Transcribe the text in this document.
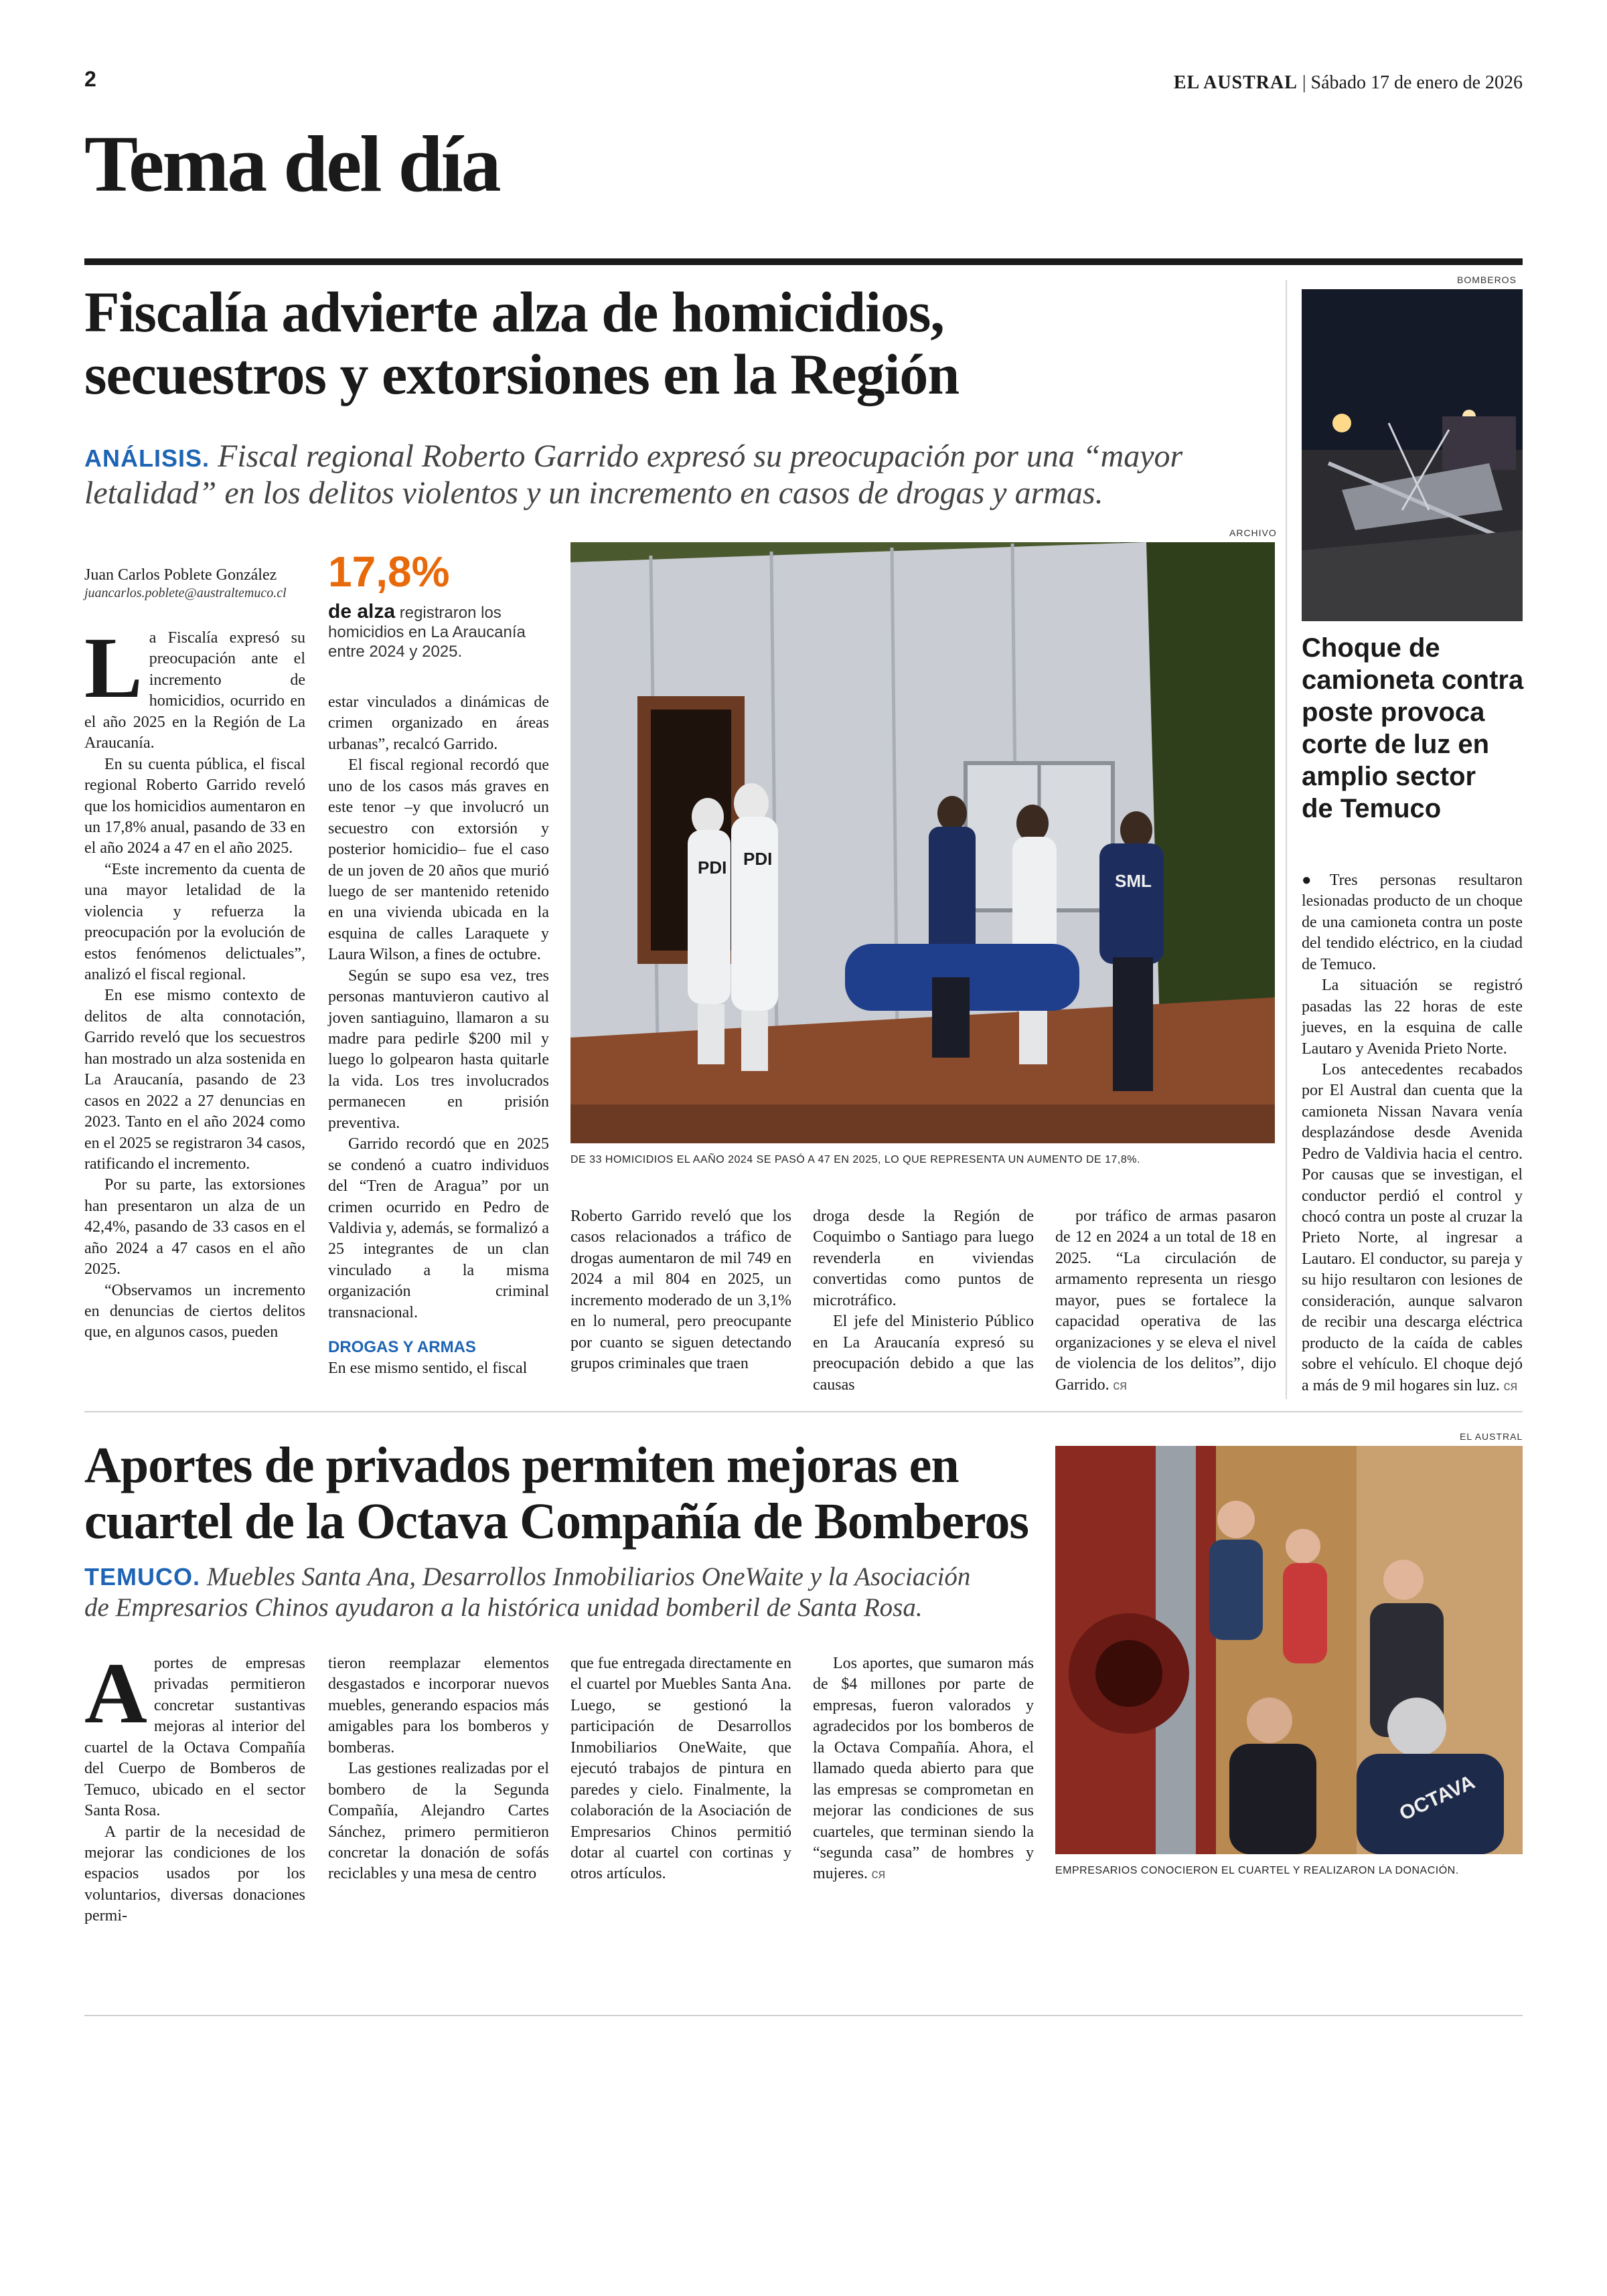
2	EL AUSTRAL | Sábado 17 de enero de 2026
Tema del día
Fiscalía advierte alza de homicidios,
secuestros y extorsiones en la Región
ANÁLISIS. Fiscal regional Roberto Garrido expresó su preocupación por una “mayor
letalidad” en los delitos violentos y un incremento en casos de drogas y armas.
Juan Carlos Poblete González
juancarlos.poblete@australtemuco.cl 17,8%
de alza registraron los homicidios en La Araucanía entre 2024 y 2025.
ARCHIVO
PDI PDI
SML
DE 33 HOMICIDIOS EL AAÑO 2024 SE PASÓ A 47 EN 2025, LO QUE REPRESENTA UN AUMENTO DE 17,8%.

La Fiscalía expresó su preocupación ante el incremento de homicidios, ocurrido en el año 2025 en la Región de La Araucanía.

En su cuenta pública, el fiscal regional Roberto Garrido reveló que los homicidios aumentaron en un 17,8% anual, pasando de 33 en el año 2024 a 47 en el año 2025.

“Este incremento da cuenta de una mayor letalidad de la violencia y refuerza la preocupación por la evolución de estos fenómenos delictuales”, analizó el fiscal regional.

En ese mismo contexto de delitos de alta connotación, Garrido reveló que los secuestros han mostrado un alza sostenida en La Araucanía, pasando de 23 casos en 2022 a 27 denuncias en 2023. Tanto en el año 2024 como en el 2025 se registraron 34 casos, ratificando el incremento.

Por su parte, las extorsiones han presentaron un alza de un 42,4%, pasando de 33 casos en el año 2024 a 47 casos en el año 2025.

“Observamos un incremento en denuncias de ciertos delitos que, en algunos casos, pueden

estar vinculados a dinámicas de crimen organizado en áreas urbanas”, recalcó Garrido.

El fiscal regional recordó que uno de los casos más graves en este tenor –y que involucró un secuestro con extorsión y posterior homicidio– fue el caso de un joven de 20 años que murió luego de ser mantenido retenido en una vivienda ubicada en la esquina de calles Laraquete y Laura Wilson, a fines de octubre.

Según se supo esa vez, tres personas mantuvieron cautivo al joven santiaguino, llamaron a su madre para pedirle $200 mil y luego lo golpearon hasta quitarle la vida. Los tres involucrados permanecen en prisión preventiva.

Garrido recordó que en 2025 se condenó a cuatro individuos del “Tren de Aragua” por un crimen ocurrido en Pedro de Valdivia y, además, se formalizó a 25 integrantes de un clan vinculado a la misma organización criminal transnacional.

DROGAS Y ARMAS

En ese mismo sentido, el fiscal

Roberto Garrido reveló que los casos relacionados a tráfico de drogas aumentaron de mil 749 en 2024 a mil 804 en 2025, un incremento moderado de un 3,1% en lo numeral, pero preocupante por cuanto se siguen detectando grupos criminales que traen

droga desde la Región de Coquimbo o Santiago para luego revenderla en viviendas convertidas como puntos de microtráfico.

El jefe del Ministerio Público en La Araucanía expresó su preocupación debido a que las causas

por tráfico de armas pasaron de 12 en 2024 a un total de 18 en 2025. “La circulación de armamento representa un riesgo mayor, pues se fortalece la capacidad operativa de las organizaciones y se eleva el nivel de violencia de los delitos”, dijo Garrido. ᴄᴙ

BOMBEROS
Choque de
camioneta contra
poste provoca
corte de luz en
amplio sector
de Temuco

●Tres personas resultaron lesionadas producto de un choque de una camioneta contra un poste del tendido eléctrico, en la ciudad de Temuco.

La situación se registró pasadas las 22 horas de este jueves, en la esquina de calle Lautaro y Avenida Prieto Norte.

Los antecedentes recabados por El Austral dan cuenta que la camioneta Nissan Navara venía desplazándose desde Avenida Pedro de Valdivia hacia el centro. Por causas que se investigan, el conductor perdió el control y chocó contra un poste al cruzar la Prieto Norte, al ingresar a Lautaro. El conductor, su pareja y su hijo resultaron con lesiones de consideración, aunque salvaron de recibir una descarga eléctrica producto de la caída de cables sobre el vehículo. El choque dejó a más de 9 mil hogares sin luz. ᴄᴙ

Aportes de privados permiten mejoras en
cuartel de la Octava Compañía de Bomberos
TEMUCO. Muebles Santa Ana, Desarrollos Inmobiliarios OneWaite y la Asociación
de Empresarios Chinos ayudaron a la histórica unidad bomberil de Santa Rosa.

Aportes de empresas privadas permitieron concretar sustantivas mejoras al interior del cuartel de la Octava Compañía del Cuerpo de Bomberos de Temuco, ubicado en el sector Santa Rosa.

A partir de la necesidad de mejorar las condiciones de los espacios usados por los voluntarios, diversas donaciones permi-

tieron reemplazar elementos desgastados e incorporar nuevos muebles, generando espacios más amigables para los bomberos y bomberas.

Las gestiones realizadas por el bombero de la Segunda Compañía, Alejandro Cartes Sánchez, primero permitieron concretar la donación de sofás reciclables y una mesa de centro

que fue entregada directamente en el cuartel por Muebles Santa Ana. Luego, se gestionó la participación de Desarrollos Inmobiliarios OneWaite, que ejecutó trabajos de pintura en paredes y cielo. Finalmente, la colaboración de la Asociación de Empresarios Chinos permitió dotar al cuartel con cortinas y otros artículos.

Los aportes, que sumaron más de $4 millones por parte de empresas, fueron valorados y agradecidos por los bomberos de la Octava Compañía. Ahora, el llamado queda abierto para que las empresas se comprometan en mejorar las condiciones de sus cuarteles, que terminan siendo la “segunda casa” de hombres y mujeres. ᴄᴙ

EL AUSTRAL
OCTAVA
EMPRESARIOS CONOCIERON EL CUARTEL Y REALIZARON LA DONACIÓN.
